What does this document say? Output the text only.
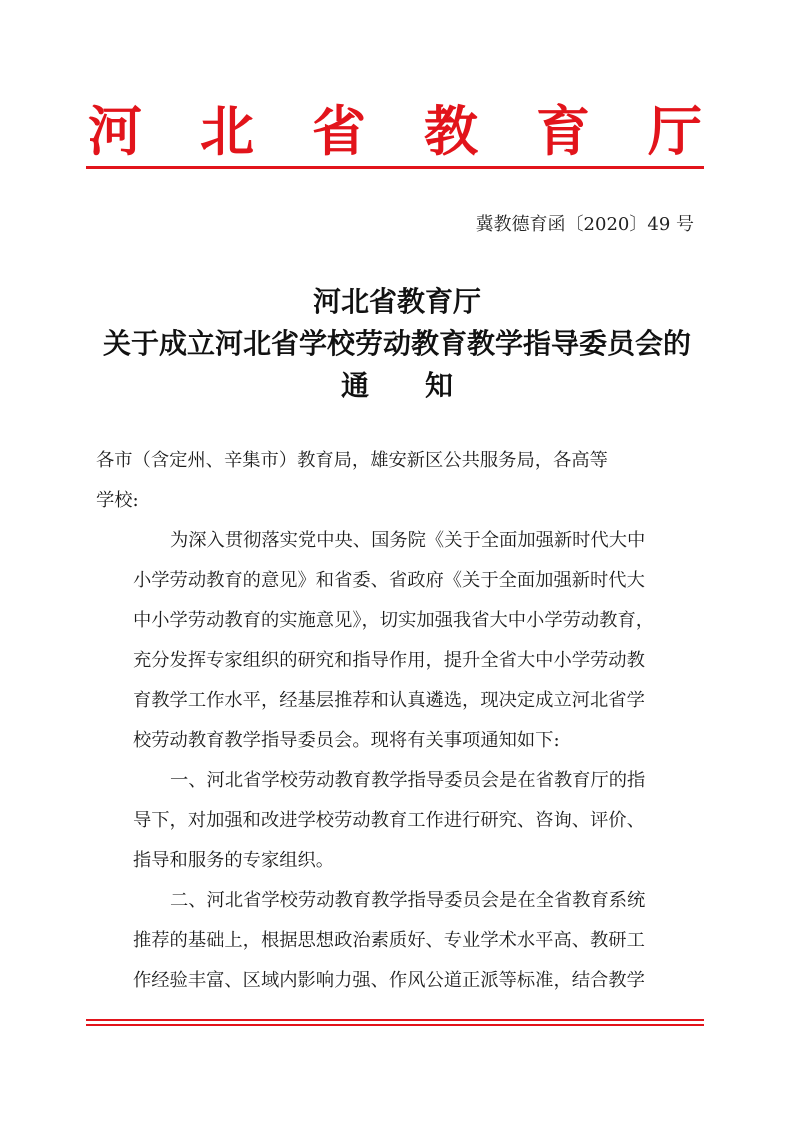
河 北 省 教 育 厅
冀教德育函〔2020〕49 号
河北省教育厅
关于成立河北省学校劳动教育教学指导委员会的
通　　知
各市（含定州、辛集市）教育局，雄安新区公共服务局，各高等
学校:
为深入贯彻落实党中央、国务院《关于全面加强新时代大中
小学劳动教育的意见》和省委、省政府《关于全面加强新时代大
中小学劳动教育的实施意见》，切实加强我省大中小学劳动教育，
充分发挥专家组织的研究和指导作用，提升全省大中小学劳动教
育教学工作水平，经基层推荐和认真遴选，现决定成立河北省学
校劳动教育教学指导委员会。现将有关事项通知如下:
一、河北省学校劳动教育教学指导委员会是在省教育厅的指
导下，对加强和改进学校劳动教育工作进行研究、咨询、评价、
指导和服务的专家组织。
二、河北省学校劳动教育教学指导委员会是在全省教育系统
推荐的基础上，根据思想政治素质好、专业学术水平高、教研工
作经验丰富、区域内影响力强、作风公道正派等标准，结合教学
